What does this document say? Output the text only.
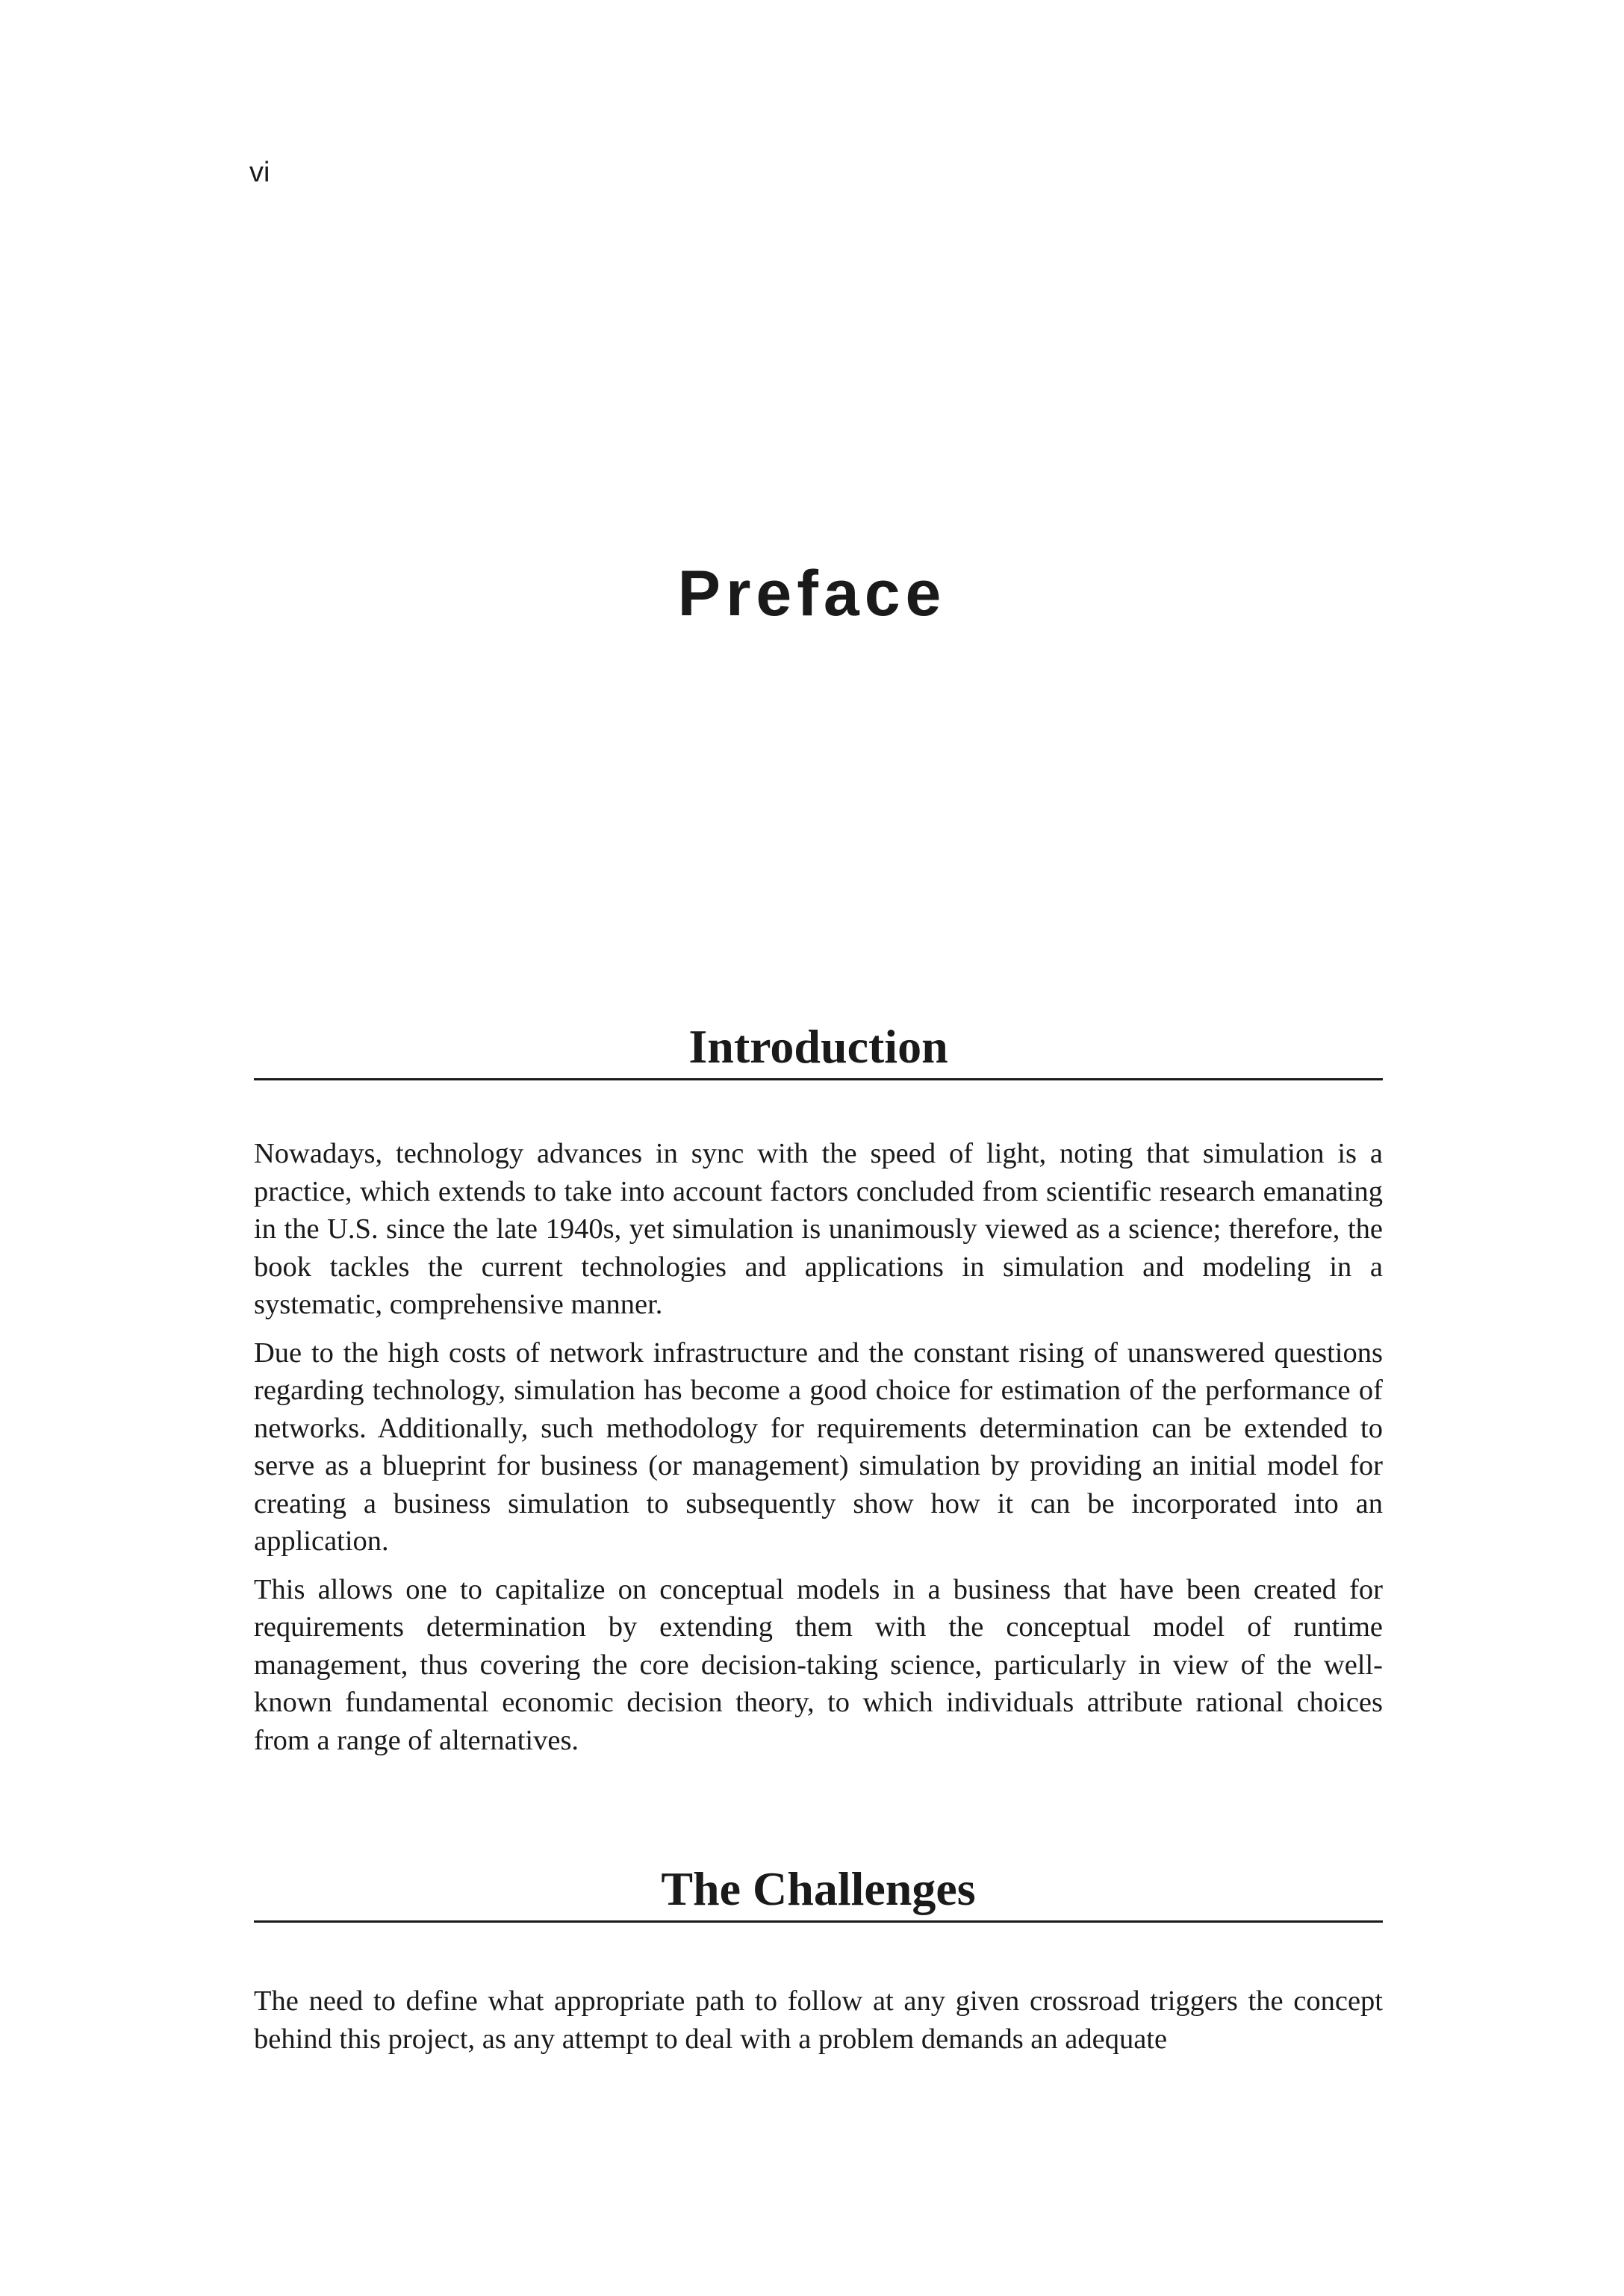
vi
Preface
Introduction

Nowadays, technology advances in sync with the speed of light, noting that simulation is a practice, which extends to take into account factors concluded from scientific research emanating in the U.S. since the late 1940s, yet simulation is unanimously viewed as a science; therefore, the book tackles the current technologies and applications in simulation and modeling in a systematic, comprehensive manner.

Due to the high costs of network infrastructure and the constant rising of unanswered questions regarding technology, simulation has become a good choice for estimation of the performance of networks. Additionally, such methodology for requirements determination can be extended to serve as a blueprint for business (or management) simulation by providing an initial model for creating a business simulation to subsequently show how it can be incorporated into an application.

This allows one to capitalize on conceptual models in a business that have been created for requirements determination by extending them with the conceptual model of runtime management, thus covering the core decision-taking science, particularly in view of the well-known fundamental economic decision theory, to which individuals attribute rational choices from a range of alternatives.

The Challenges

The need to define what appropriate path to follow at any given crossroad triggers the concept behind this project, as any attempt to deal with a problem demands an adequate
